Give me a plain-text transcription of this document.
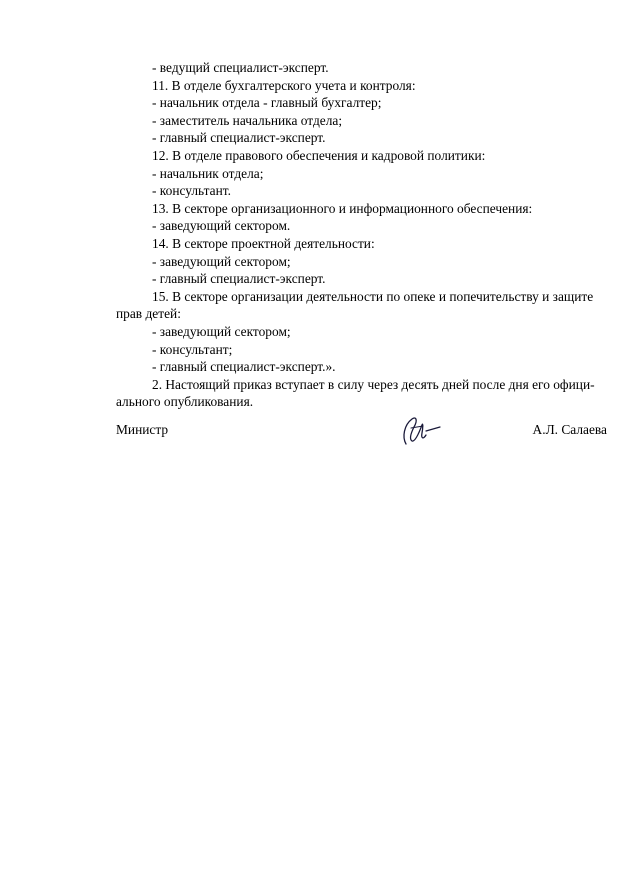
- ведущий специалист-эксперт.
11. В отделе бухгалтерского учета и контроля:
- начальник отдела - главный бухгалтер;
- заместитель начальника отдела;
- главный специалист-эксперт.
12. В отделе правового обеспечения и кадровой политики:
- начальник отдела;
- консультант.
13. В секторе организационного и информационного обеспечения:
- заведующий сектором.
14. В секторе проектной деятельности:
- заведующий сектором;
- главный специалист-эксперт.
15. В секторе организации деятельности по опеке и попечительству и защите
прав детей:
- заведующий сектором;
- консультант;
- главный специалист-эксперт.».
2. Настоящий приказ вступает в силу через десять дней после дня его офици-
ального опубликования.
Министр	А.Л. Салаева
